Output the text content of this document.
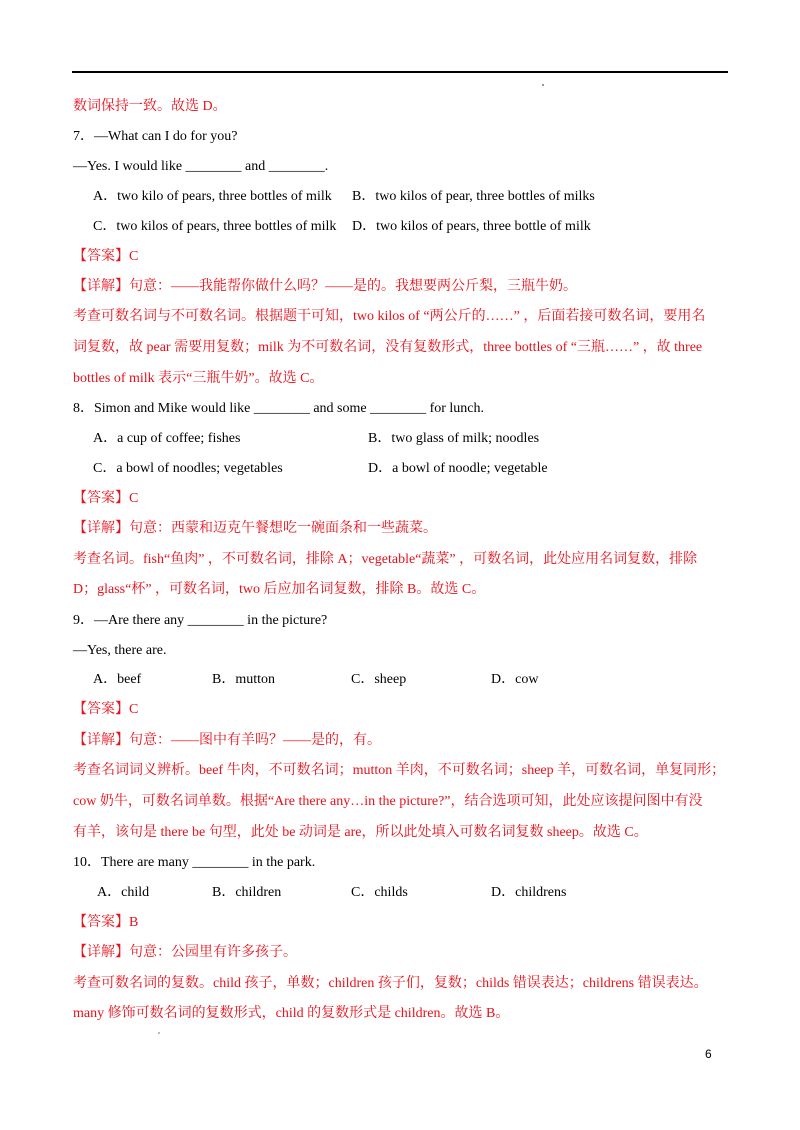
数词保持一致。故选 D。
7．—What can I do for you?
—Yes. I would like ________ and ________.
A．two kilo of pears, three bottles of milk B．two kilos of pear, three bottles of milks
C．two kilos of pears, three bottles of milk D．two kilos of pears, three bottle of milk
【答案】C
【详解】句意：——我能帮你做什么吗？——是的。我想要两公斤梨，三瓶牛奶。
考查可数名词与不可数名词。根据题干可知，two kilos of “两公斤的……” ，后面若接可数名词，要用名
词复数，故 pear 需要用复数；milk 为不可数名词，没有复数形式，three bottles of “三瓶……” ，故 three
bottles of milk 表示“三瓶牛奶”。故选 C。
8．Simon and Mike would like ________ and some ________ for lunch.
A．a cup of coffee; fishes	B．two glass of milk; noodles
C．a bowl of noodles; vegetables	D．a bowl of noodle; vegetable
【答案】C
【详解】句意：西蒙和迈克午餐想吃一碗面条和一些蔬菜。
考查名词。fish“鱼肉” ，不可数名词，排除 A；vegetable“蔬菜” ，可数名词，此处应用名词复数，排除
D；glass“杯” ，可数名词，two 后应加名词复数，排除 B。故选 C。
9．—Are there any ________ in the picture?
—Yes, there are.
A．beef	B．mutton	C．sheep	D．cow
【答案】C
【详解】句意：——图中有羊吗？——是的，有。
考查名词词义辨析。beef 牛肉，不可数名词；mutton 羊肉，不可数名词；sheep 羊，可数名词，单复同形；
cow 奶牛，可数名词单数。根据“Are there any…in the picture?”，结合选项可知，此处应该提问图中有没
有羊，该句是 there be 句型，此处 be 动词是 are，所以此处填入可数名词复数 sheep。故选 C。
10．There are many ________ in the park.
A．child	B．children	C．childs	D．childrens
【答案】B
【详解】句意：公园里有许多孩子。
考查可数名词的复数。child 孩子，单数；children 孩子们，复数；childs 错误表达；childrens 错误表达。
many 修饰可数名词的复数形式，child 的复数形式是 children。故选 B。
6
